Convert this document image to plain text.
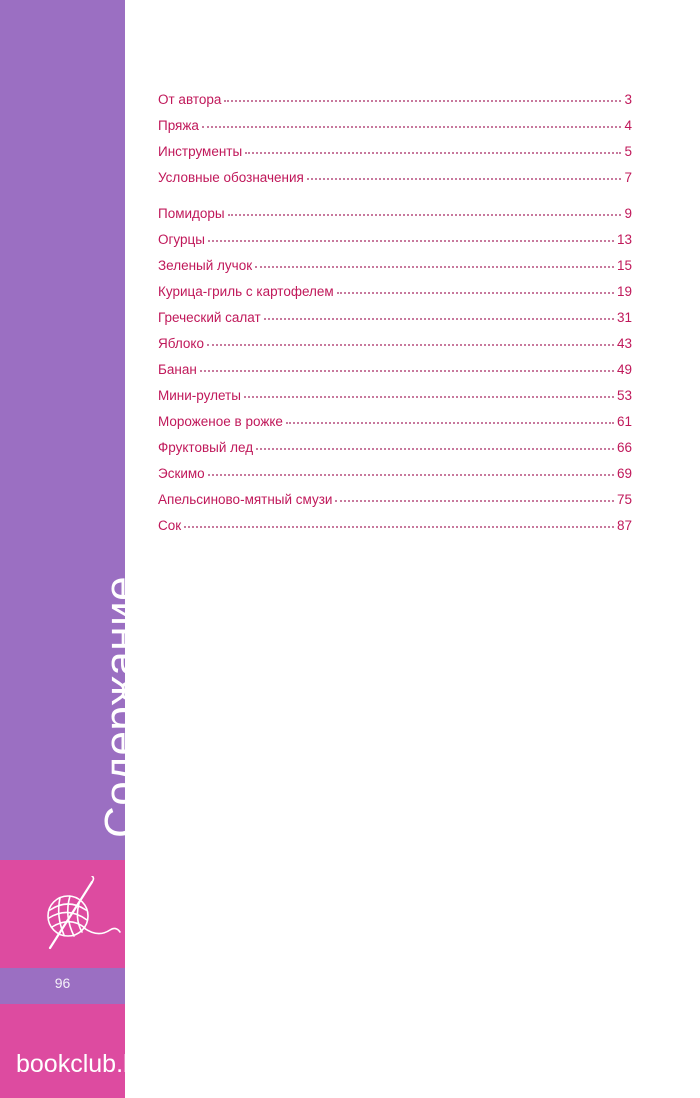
Содержание
96
bookclub.by
От автора	3
Пряжа	4
Инструменты	5
Условные обозначения	7
Помидоры	9
Огурцы	13
Зеленый лучок	15
Курица-гриль с картофелем	19
Греческий салат	31
Яблоко	43
Банан	49
Мини-рулеты	53
Мороженое в рожке	61
Фруктовый лед	66
Эскимо	69
Апельсиново-мятный смузи	75
Сок	87
